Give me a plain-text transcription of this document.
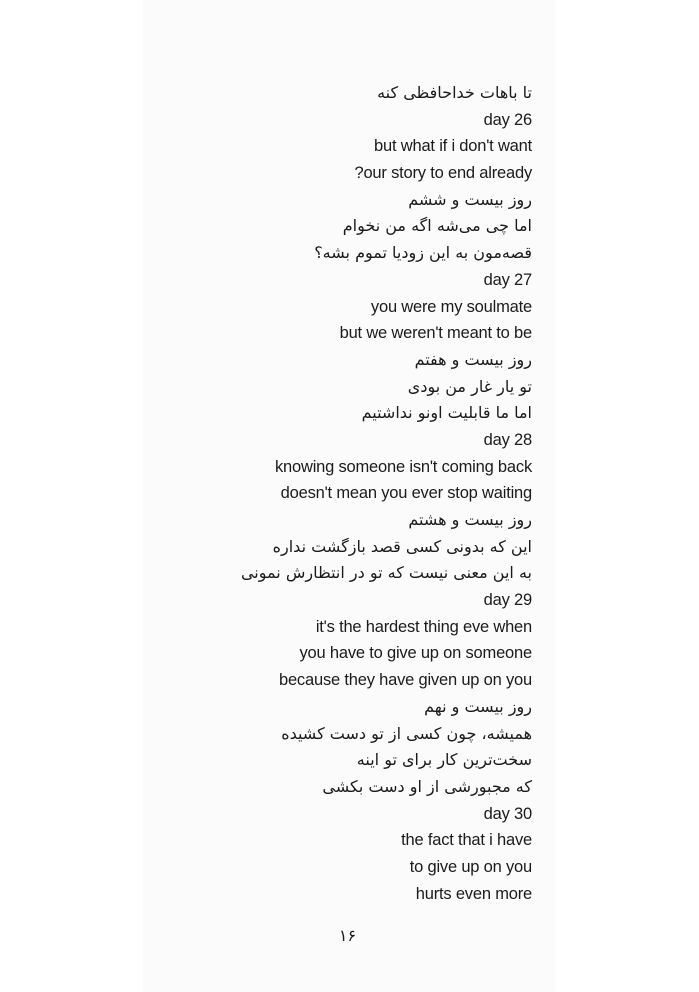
تا باهات خداحافظی کنه
day 26
but what if i don't want
?our story to end already
روز بیست و ششم
اما چی می‌شه اگه من نخوام
قصه‌مون به این زودیا تموم بشه؟
day 27
you were my soulmate
but we weren't meant to be
روز بیست و هفتم
تو یار غار من بودی
اما ما قابلیت اونو نداشتیم
day 28
knowing someone isn't coming back
doesn't mean you ever stop waiting
روز بیست و هشتم
این که بدونی کسی قصد بازگشت نداره
به این معنی نیست که تو در انتظارش نمونی
day 29
it's the hardest thing eve when
you have to give up on someone
because they have given up on you
روز بیست و نهم
همیشه، چون کسی از تو دست کشیده
سخت‌ترین کار برای تو اینه
که مجبورشی از او دست بکشی
day 30
the fact that i have
to give up on you
hurts even more
۱۶
